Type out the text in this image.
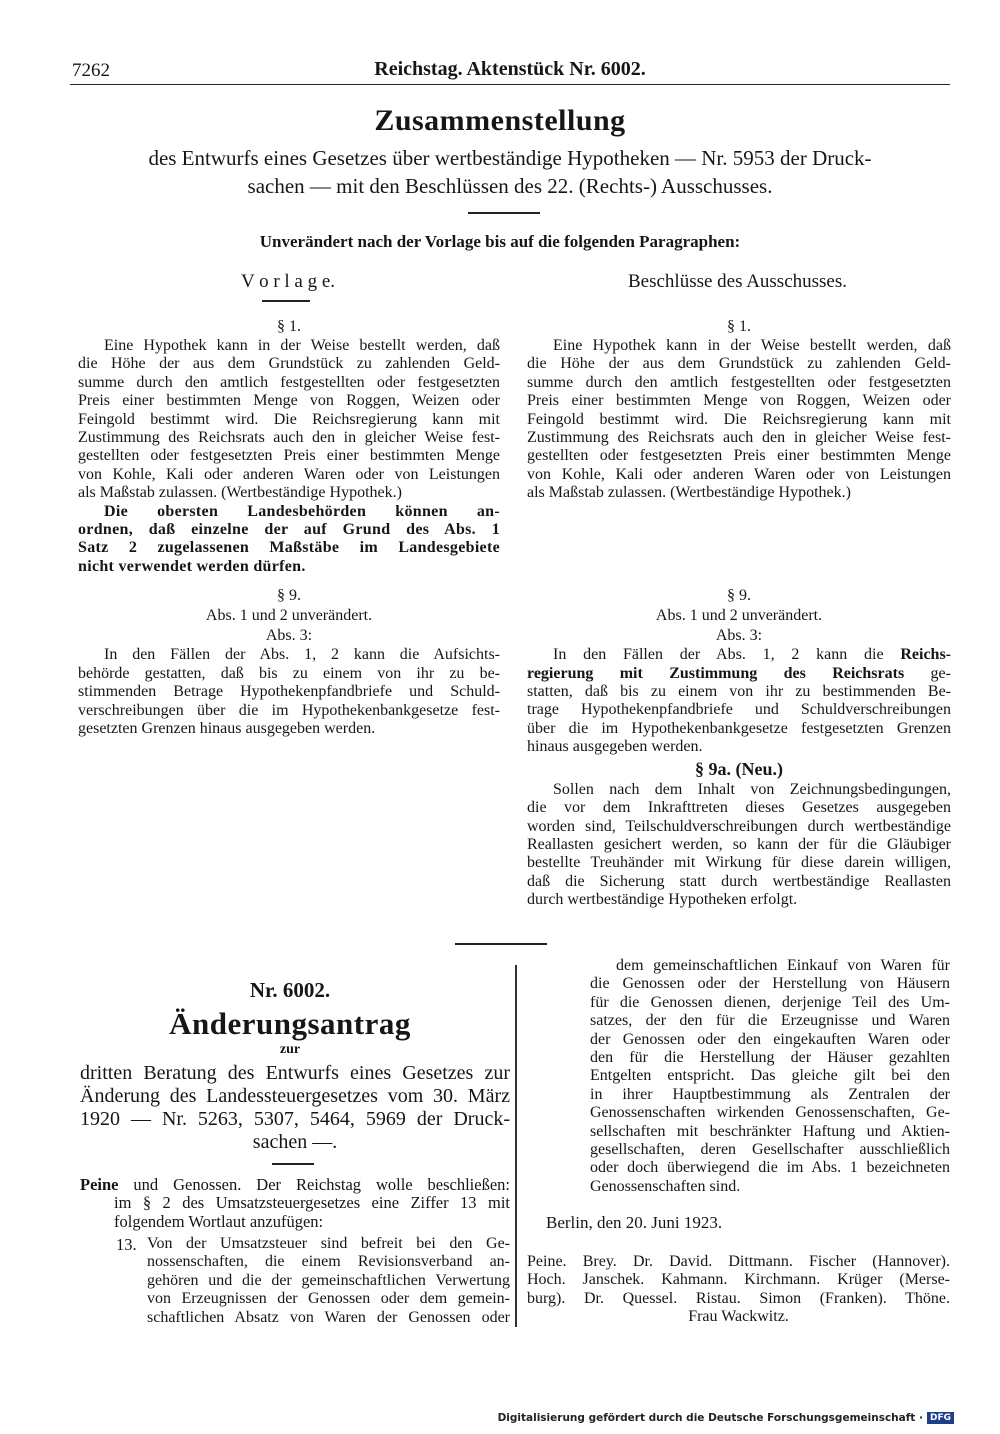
7262	Reichstag. Aktenstück Nr. 6002.
Zusammenstellung
des Entwurfs eines Gesetzes über wertbeständige Hypotheken — Nr. 5953 der Druck-
sachen — mit den Beschlüssen des 22. (Rechts-) Ausschusses.
Unverändert nach der Vorlage bis auf die folgenden Paragraphen:
V o r l a g e.	Beschlüsse des Ausschusses.
§ 1.
Eine Hypothek kann in der Weise bestellt werden, daß
die Höhe der aus dem Grundstück zu zahlenden Geld-
summe durch den amtlich festgestellten oder festgesetzten
Preis einer bestimmten Menge von Roggen, Weizen oder
Feingold bestimmt wird. Die Reichsregierung kann mit
Zustimmung des Reichsrats auch den in gleicher Weise fest-
gestellten oder festgesetzten Preis einer bestimmten Menge
von Kohle, Kali oder anderen Waren oder von Leistungen
als Maßstab zulassen. (Wertbeständige Hypothek.)
Die obersten Landesbehörden können an-
ordnen, daß einzelne der auf Grund des Abs. 1
Satz 2 zugelassenen Maßstäbe im Landesgebiete
nicht verwendet werden dürfen.
§ 9.
Abs. 1 und 2 unverändert.
Abs. 3:
In den Fällen der Abs. 1, 2 kann die Aufsichts-
behörde gestatten, daß bis zu einem von ihr zu be-
stimmenden Betrage Hypothekenpfandbriefe und Schuld-
verschreibungen über die im Hypothekenbankgesetze fest-
gesetzten Grenzen hinaus ausgegeben werden.
§ 1.
Eine Hypothek kann in der Weise bestellt werden, daß
die Höhe der aus dem Grundstück zu zahlenden Geld-
summe durch den amtlich festgestellten oder festgesetzten
Preis einer bestimmten Menge von Roggen, Weizen oder
Feingold bestimmt wird. Die Reichsregierung kann mit
Zustimmung des Reichsrats auch den in gleicher Weise fest-
gestellten oder festgesetzten Preis einer bestimmten Menge
von Kohle, Kali oder anderen Waren oder von Leistungen
als Maßstab zulassen. (Wertbeständige Hypothek.)
§ 9.
Abs. 1 und 2 unverändert.
Abs. 3:
In den Fällen der Abs. 1, 2 kann die Reichs-
regierung mit Zustimmung des Reichsrats ge-
statten, daß bis zu einem von ihr zu bestimmenden Be-
trage Hypothekenpfandbriefe und Schuldverschreibungen
über die im Hypothekenbankgesetze festgesetzten Grenzen
hinaus ausgegeben werden.
§ 9a. (Neu.)
Sollen nach dem Inhalt von Zeichnungsbedingungen,
die vor dem Inkrafttreten dieses Gesetzes ausgegeben
worden sind, Teilschuldverschreibungen durch wertbeständige
Reallasten gesichert werden, so kann der für die Gläubiger
bestellte Treuhänder mit Wirkung für diese darein willigen,
daß die Sicherung statt durch wertbeständige Reallasten
durch wertbeständige Hypotheken erfolgt.
Nr. 6002.
Änderungsantrag
zur
dritten Beratung des Entwurfs eines Gesetzes zur
Änderung des Landessteuergesetzes vom 30. März
1920 — Nr. 5263, 5307, 5464, 5969 der Druck-
sachen —.
Peine und Genossen. Der Reichstag wolle beschließen:
im § 2 des Umsatzsteuergesetzes eine Ziffer 13 mit
folgendem Wortlaut anzufügen:
13. Von der Umsatzsteuer sind befreit bei den Ge-
nossenschaften, die einem Revisionsverband an-
gehören und die der gemeinschaftlichen Verwertung
von Erzeugnissen der Genossen oder dem gemein-
schaftlichen Absatz von Waren der Genossen oder
dem gemeinschaftlichen Einkauf von Waren für
die Genossen oder der Herstellung von Häusern
für die Genossen dienen, derjenige Teil des Um-
satzes, der den für die Erzeugnisse und Waren
der Genossen oder den eingekauften Waren oder
den für die Herstellung der Häuser gezahlten
Entgelten entspricht. Das gleiche gilt bei den
in ihrer Hauptbestimmung als Zentralen der
Genossenschaften wirkenden Genossenschaften, Ge-
sellschaften mit beschränkter Haftung und Aktien-
gesellschaften, deren Gesellschafter ausschließlich
oder doch überwiegend die im Abs. 1 bezeichneten
Genossenschaften sind.
Berlin, den 20. Juni 1923.
Peine. Brey. Dr. David. Dittmann. Fischer (Hannover).
Hoch. Janschek. Kahmann. Kirchmann. Krüger (Merse-
burg). Dr. Quessel. Ristau. Simon (Franken). Thöne.
Frau Wackwitz.
Digitalisierung gefördert durch die Deutsche Forschungsgemeinschaft · DFG
